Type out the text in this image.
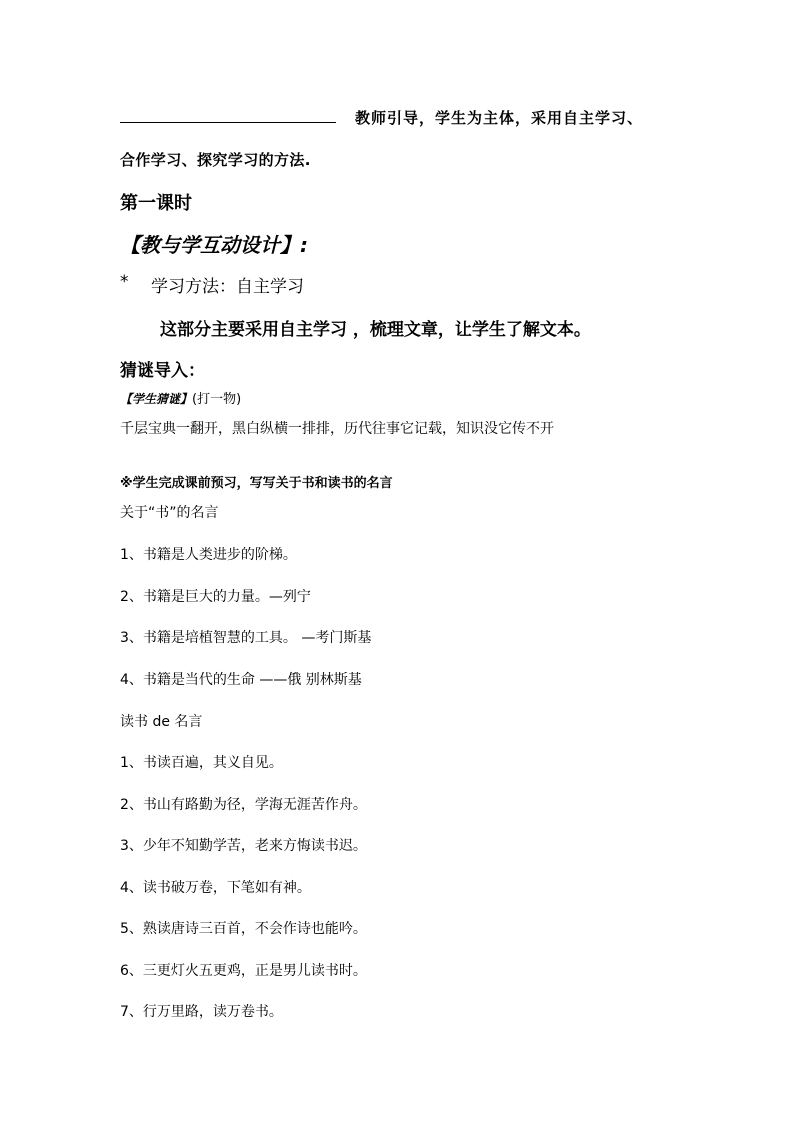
教师引导，学生为主体，采用自主学习、
合作学习、探究学习的方法.
第一课时
【教与学互动设计】:
* 学习方法：自主学习
这部分主要采用自主学习 ，梳理文章，让学生了解文本。
猜谜导入：
【学生猜谜】(打一物)
千层宝典一翻开，黑白纵横一排排，历代往事它记载，知识没它传不开
※学生完成课前预习，写写关于书和读书的名言
关于“书”的名言
1、书籍是人类进步的阶梯。
2、书籍是巨大的力量。—列宁
3、书籍是培植智慧的工具。 —考门斯基
4、书籍是当代的生命 ——俄 别林斯基
读书 de 名言
1、书读百遍，其义自见。
2、书山有路勤为径，学海无涯苦作舟。
3、少年不知勤学苦，老来方悔读书迟。
4、读书破万卷，下笔如有神。
5、熟读唐诗三百首，不会作诗也能吟。
6、三更灯火五更鸡，正是男儿读书时。
7、行万里路，读万卷书。
